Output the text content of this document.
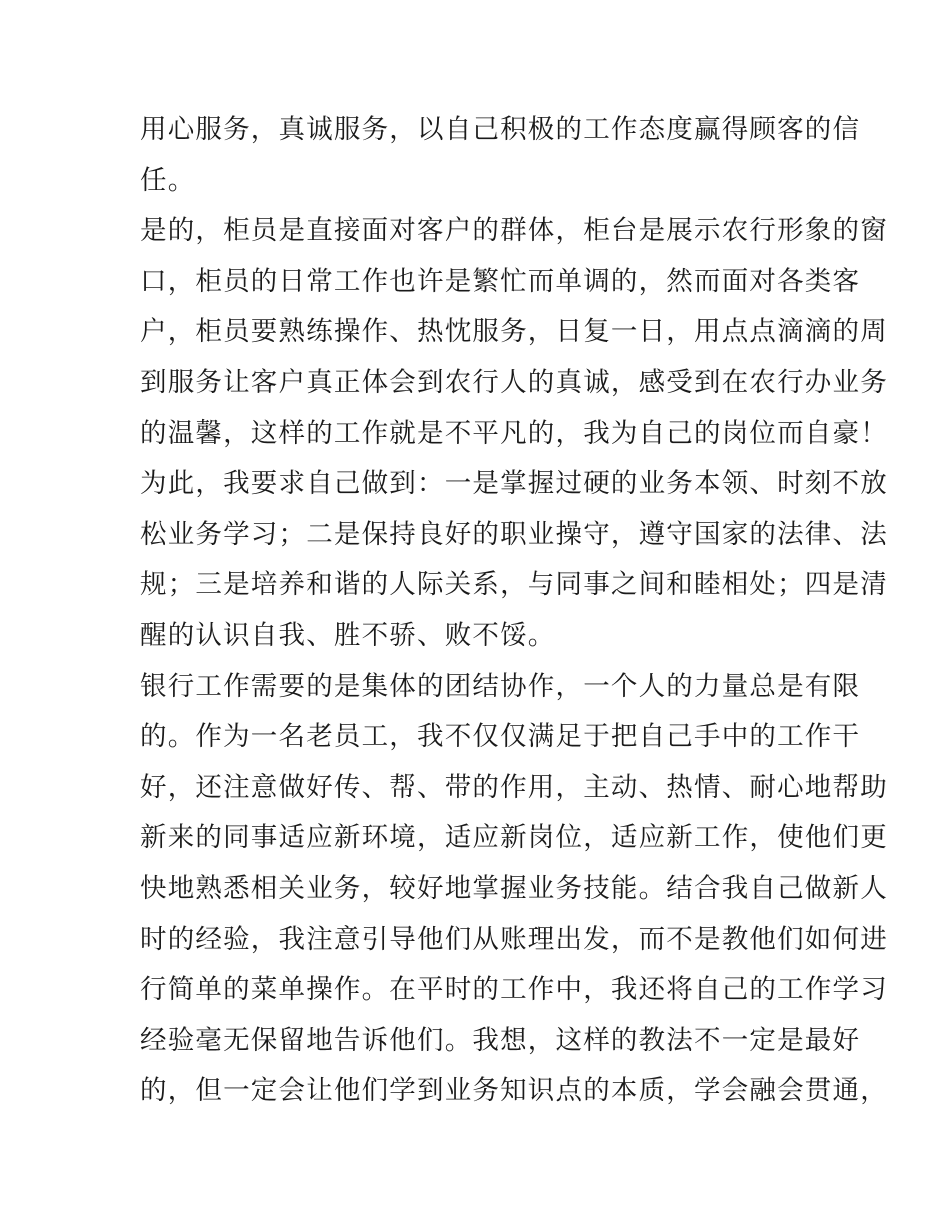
用心服务，真诚服务，以自己积极的工作态度赢得顾客的信
任。
是的，柜员是直接面对客户的群体，柜台是展示农行形象的窗
口，柜员的日常工作也许是繁忙而单调的，然而面对各类客
户，柜员要熟练操作、热忱服务，日复一日，用点点滴滴的周
到服务让客户真正体会到农行人的真诚，感受到在农行办业务
的温馨，这样的工作就是不平凡的，我为自己的岗位而自豪！
为此，我要求自己做到：一是掌握过硬的业务本领、时刻不放
松业务学习；二是保持良好的职业操守，遵守国家的法律、法
规；三是培养和谐的人际关系，与同事之间和睦相处；四是清
醒的认识自我、胜不骄、败不馁。
银行工作需要的是集体的团结协作，一个人的力量总是有限
的。作为一名老员工，我不仅仅满足于把自己手中的工作干
好，还注意做好传、帮、带的作用，主动、热情、耐心地帮助
新来的同事适应新环境，适应新岗位，适应新工作，使他们更
快地熟悉相关业务，较好地掌握业务技能。结合我自己做新人
时的经验，我注意引导他们从账理出发，而不是教他们如何进
行简单的菜单操作。在平时的工作中，我还将自己的工作学习
经验毫无保留地告诉他们。我想，这样的教法不一定是最好
的，但一定会让他们学到业务知识点的本质，学会融会贯通，
